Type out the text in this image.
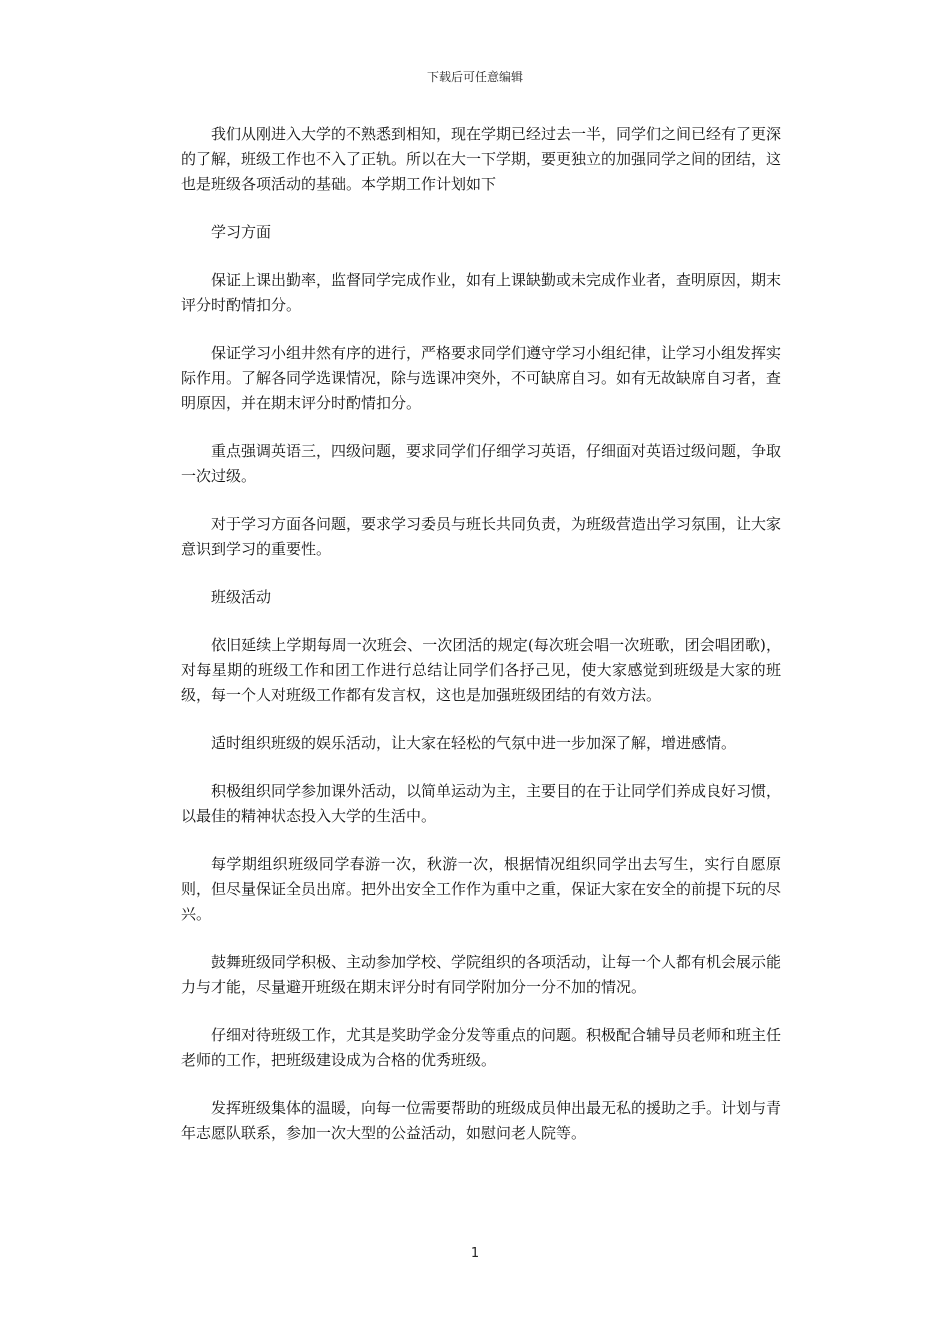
下载后可任意编辑

我们从刚进入大学的不熟悉到相知，现在学期已经过去一半，同学们之间已经有了更深的了解，班级工作也不入了正轨。所以在大一下学期，要更独立的加强同学之间的团结，这也是班级各项活动的基础。本学期工作计划如下

学习方面

保证上课出勤率，监督同学完成作业，如有上课缺勤或未完成作业者，查明原因，期末评分时酌情扣分。

保证学习小组井然有序的进行，严格要求同学们遵守学习小组纪律，让学习小组发挥实际作用。了解各同学选课情况，除与选课冲突外，不可缺席自习。如有无故缺席自习者，查明原因，并在期末评分时酌情扣分。

重点强调英语三，四级问题，要求同学们仔细学习英语，仔细面对英语过级问题，争取一次过级。

对于学习方面各问题，要求学习委员与班长共同负责，为班级营造出学习氛围，让大家意识到学习的重要性。

班级活动

依旧延续上学期每周一次班会、一次团活的规定(每次班会唱一次班歌，团会唱团歌)，对每星期的班级工作和团工作进行总结让同学们各抒己见，使大家感觉到班级是大家的班级，每一个人对班级工作都有发言权，这也是加强班级团结的有效方法。

适时组织班级的娱乐活动，让大家在轻松的气氛中进一步加深了解，增进感情。

积极组织同学参加课外活动，以简单运动为主，主要目的在于让同学们养成良好习惯，以最佳的精神状态投入大学的生活中。

每学期组织班级同学春游一次，秋游一次，根据情况组织同学出去写生，实行自愿原则，但尽量保证全员出席。把外出安全工作作为重中之重，保证大家在安全的前提下玩的尽兴。

鼓舞班级同学积极、主动参加学校、学院组织的各项活动，让每一个人都有机会展示能力与才能，尽量避开班级在期末评分时有同学附加分一分不加的情况。

仔细对待班级工作，尤其是奖助学金分发等重点的问题。积极配合辅导员老师和班主任老师的工作，把班级建设成为合格的优秀班级。

发挥班级集体的温暖，向每一位需要帮助的班级成员伸出最无私的援助之手。计划与青年志愿队联系，参加一次大型的公益活动，如慰问老人院等。

1
